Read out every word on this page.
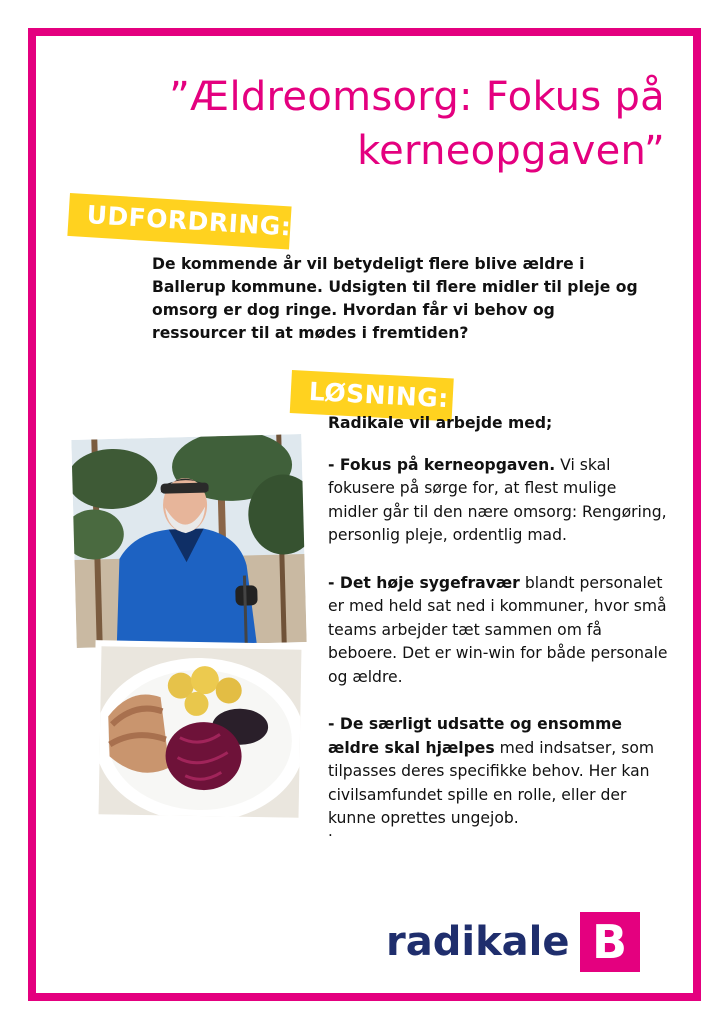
”Ældreomsorg: Fokus på
kerneopgaven”
UDFORDRING:
De kommende år vil betydeligt flere blive ældre i Ballerup kommune. Udsigten til flere midler til pleje og omsorg er dog ringe. Hvordan får vi behov og ressourcer til at mødes i fremtiden?
LØSNING:

Radikale vil arbejde med;

- Fokus på kerneopgaven. Vi skal fokusere på sørge for, at flest mulige midler går til den nære omsorg: Rengøring, personlig pleje, ordentlig mad.

- Det høje sygefravær blandt personalet er med held sat ned i kommuner, hvor små teams arbejder tæt sammen om få beboere. Det er win-win for både personale og ældre.

- De særligt udsatte og ensomme ældre skal hjælpes med indsatser, som tilpasses deres specifikke behov. Her kan civilsamfundet spille en rolle, eller der kunne oprettes ungejob.

.
radikale B
